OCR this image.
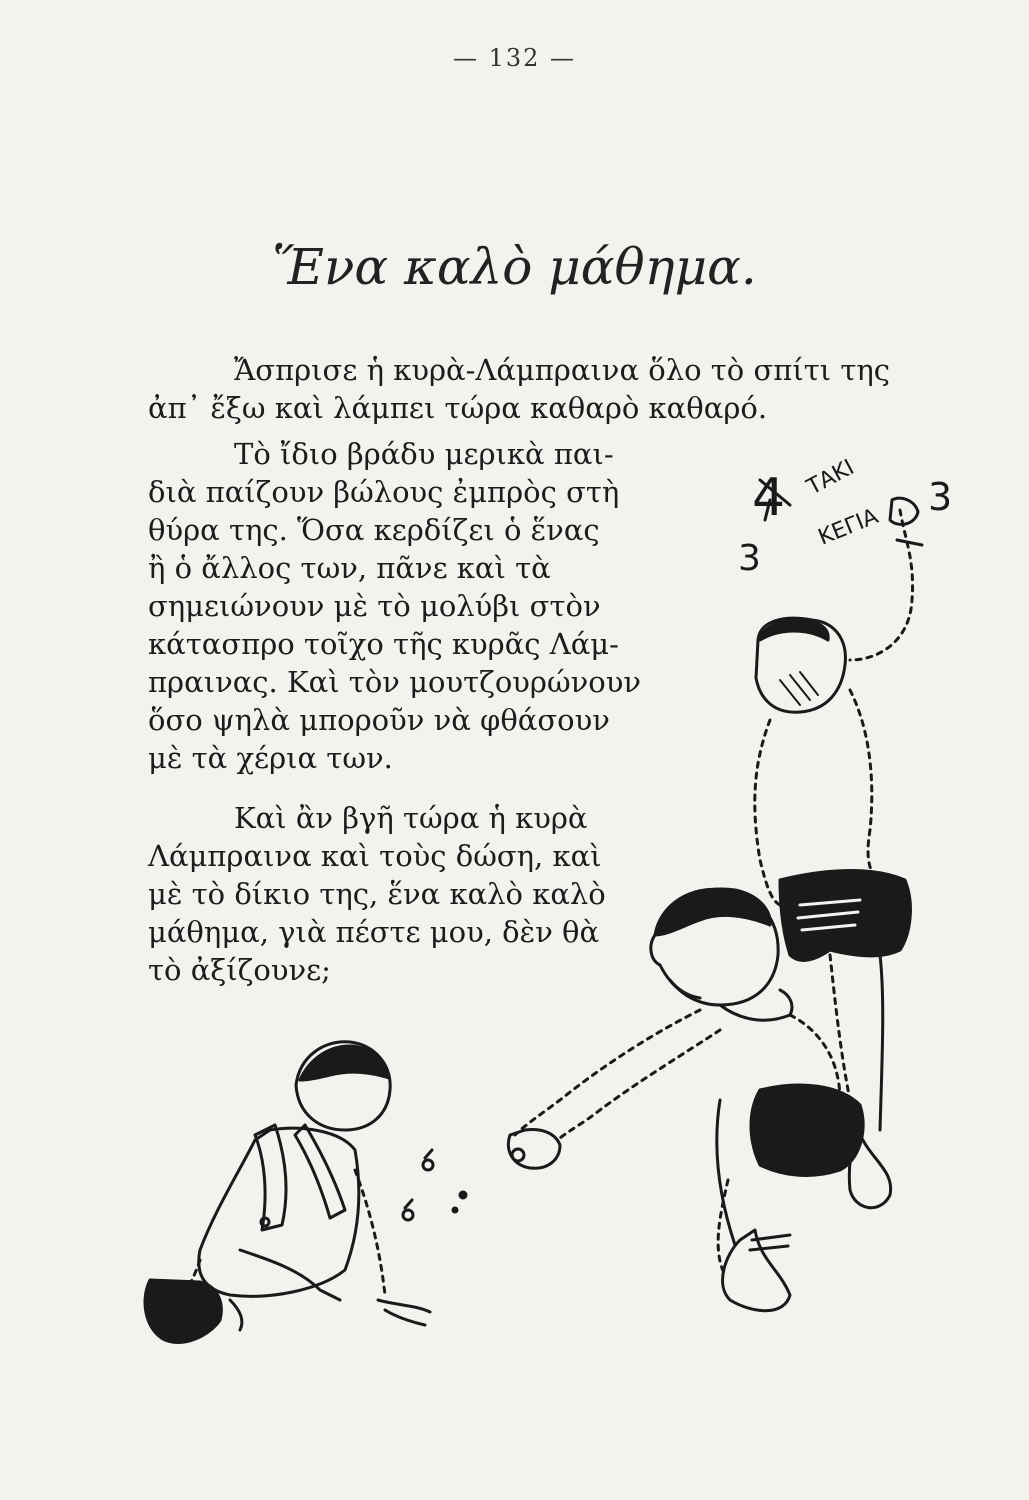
— 132 —
Ἕνα καλὸ μάθημα.
Ἄσπρισε ἡ κυρὰ-Λάμπραινα ὅλο τὸ σπίτι της
ἀπ᾽ ἔξω καὶ λάμπει τώρα καθαρὸ καθαρό.
Τὸ ἴδιο βράδυ μερικὰ παι-
διὰ παίζουν βώλους ἐμπρὸς στὴ
θύρα της. Ὅσα κερδίζει ὁ ἕνας
ἢ ὁ ἄλλος των, πᾶνε καὶ τὰ
σημειώνουν μὲ τὸ μολύβι στὸν
κάτασπρο τοῖχο τῆς κυρᾶς Λάμ-
πραινας. Καὶ τὸν μουτζουρώνουν
ὅσο ψηλὰ μποροῦν νὰ φθάσουν
μὲ τὰ χέρια των.
Καὶ ἂν βγῆ τώρα ἡ κυρὰ
Λάμπραινα καὶ τοὺς δώση, καὶ
μὲ τὸ δίκιο της, ἕνα καλὸ καλὸ
μάθημα, γιὰ πέστε μου, δὲν θὰ
τὸ ἀξίζουνε;
4	3
3
ΤΑΚΙ
ΚΕΓΙΑ
